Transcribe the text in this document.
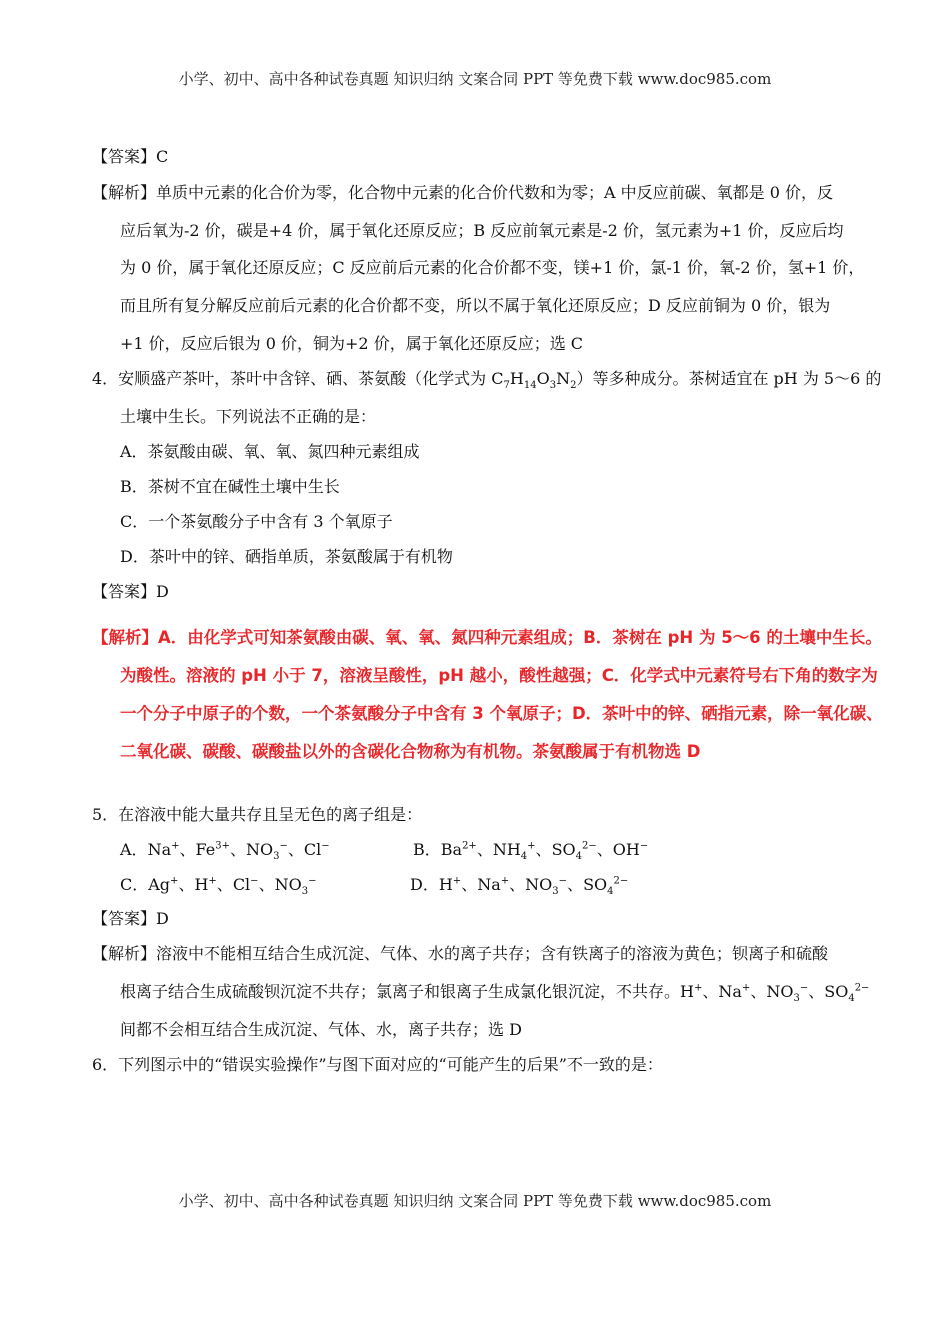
小学、初中、高中各种试卷真题 知识归纳 文案合同 PPT 等免费下载 www.doc985.com
【答案】C
【解析】单质中元素的化合价为零，化合物中元素的化合价代数和为零；A 中反应前碳、氧都是 0 价，反
应后氧为-2 价，碳是+4 价，属于氧化还原反应；B 反应前氧元素是-2 价，氢元素为+1 价，反应后均
为 0 价，属于氧化还原反应；C 反应前后元素的化合价都不变，镁+1 价，氯-1 价，氧-2 价，氢+1 价，
而且所有复分解反应前后元素的化合价都不变，所以不属于氧化还原反应；D 反应前铜为 0 价，银为
+1 价，反应后银为 0 价，铜为+2 价，属于氧化还原反应；选 C
4．安顺盛产茶叶，茶叶中含锌、硒、茶氨酸（化学式为 $C_7H_{14}O_3N_2$）等多种成分。茶树适宜在 pH 为 5～6 的
土壤中生长。下列说法不正确的是：
A．茶氨酸由碳、氧、氧、氮四种元素组成
B．茶树不宜在碱性土壤中生长
C．一个茶氨酸分子中含有 3 个氧原子
D．茶叶中的锌、硒指单质，茶氨酸属于有机物
【答案】D
【解析】A．由化学式可知茶氨酸由碳、氧、氧、氮四种元素组成；B．茶树在 pH 为 5～6 的土壤中生长。
为酸性。溶液的 pH 小于 7，溶液呈酸性，pH 越小，酸性越强；C．化学式中元素符号右下角的数字为
一个分子中原子的个数，一个茶氨酸分子中含有 3 个氧原子；D．茶叶中的锌、硒指元素，除一氧化碳、
二氧化碳、碳酸、碳酸盐以外的含碳化合物称为有机物。茶氨酸属于有机物选 D
5．在溶液中能大量共存且呈无色的离子组是：
A．Na+、$Fe^{3+}$、$NO_3^-$、Cl−	B．$Ba^{2+}$、$NH_4^+$、$SO_4^{2-}$、OH−
C．Ag+、H+、Cl−、$NO_3^-$	D．H+、Na+、$NO_3^-$、$SO_4^{2-}$
【答案】D
【解析】溶液中不能相互结合生成沉淀、气体、水的离子共存；含有铁离子的溶液为黄色；钡离子和硫酸
根离子结合生成硫酸钡沉淀不共存；氯离子和银离子生成氯化银沉淀，不共存。H+、Na+、$NO_3^-$、$SO_4^{2-}$
间都不会相互结合生成沉淀、气体、水，离子共存；选 D
6．下列图示中的“错误实验操作”与图下面对应的“可能产生的后果”不一致的是：
小学、初中、高中各种试卷真题 知识归纳 文案合同 PPT 等免费下载 www.doc985.com
